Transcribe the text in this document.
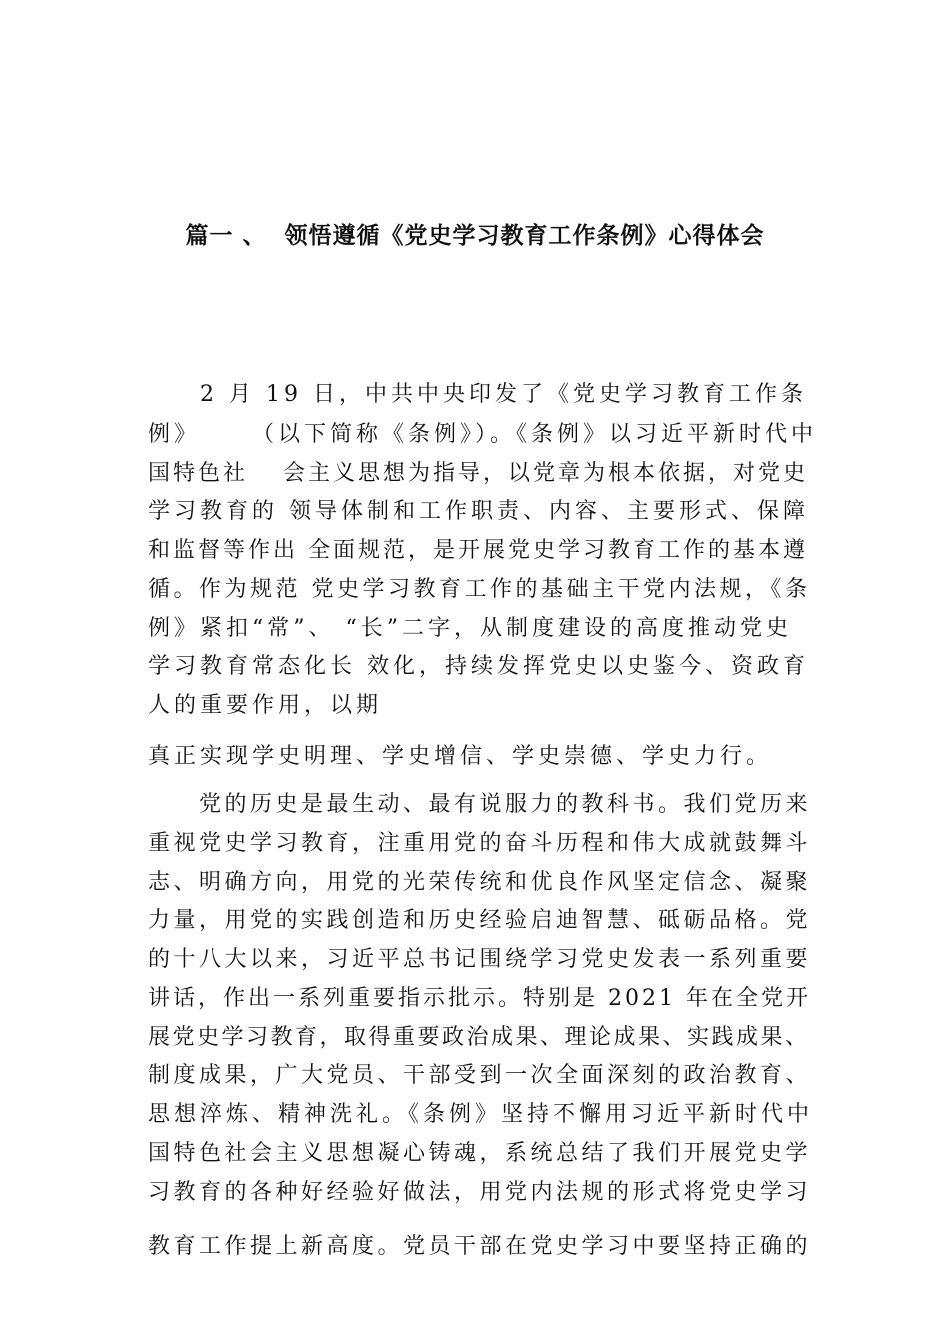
篇一 、  领悟遵循《党史学习教育工作条例》心得体会
　　2 月 19 日，中共中央印发了《党史学习教育工作条
例》　　 （以下简称《条例》）。《条例》以习近平新时代中
国特色社　 会主义思想为指导，以党章为根本依据，对党史
学习教育的 领导体制和工作职责、内容、主要形式、保障
和监督等作出 全面规范，是开展党史学习教育工作的基本遵
循。作为规范 党史学习教育工作的基础主干党内法规，《条
例》紧扣“常”、 “长”二字，从制度建设的高度推动党史
学习教育常态化长 效化，持续发挥党史以史鉴今、资政育
人的重要作用，以期
真正实现学史明理、学史增信、学史崇德、学史力行。
　　党的历史是最生动、最有说服力的教科书。我们党历来
重视党史学习教育，注重用党的奋斗历程和伟大成就鼓舞斗
志、明确方向，用党的光荣传统和优良作风坚定信念、凝聚
力量，用党的实践创造和历史经验启迪智慧、砥砺品格。党
的十八大以来，习近平总书记围绕学习党史发表一系列重要
讲话，作出一系列重要指示批示。特别是 2021 年在全党开
展党史学习教育，取得重要政治成果、理论成果、实践成果、
制度成果，广大党员、干部受到一次全面深刻的政治教育、
思想淬炼、精神洗礼。《条例》坚持不懈用习近平新时代中
国特色社会主义思想凝心铸魂，系统总结了我们开展党史学
习教育的各种好经验好做法，用党内法规的形式将党史学习
教育工作提上新高度。党员干部在党史学习中要坚持正确的
